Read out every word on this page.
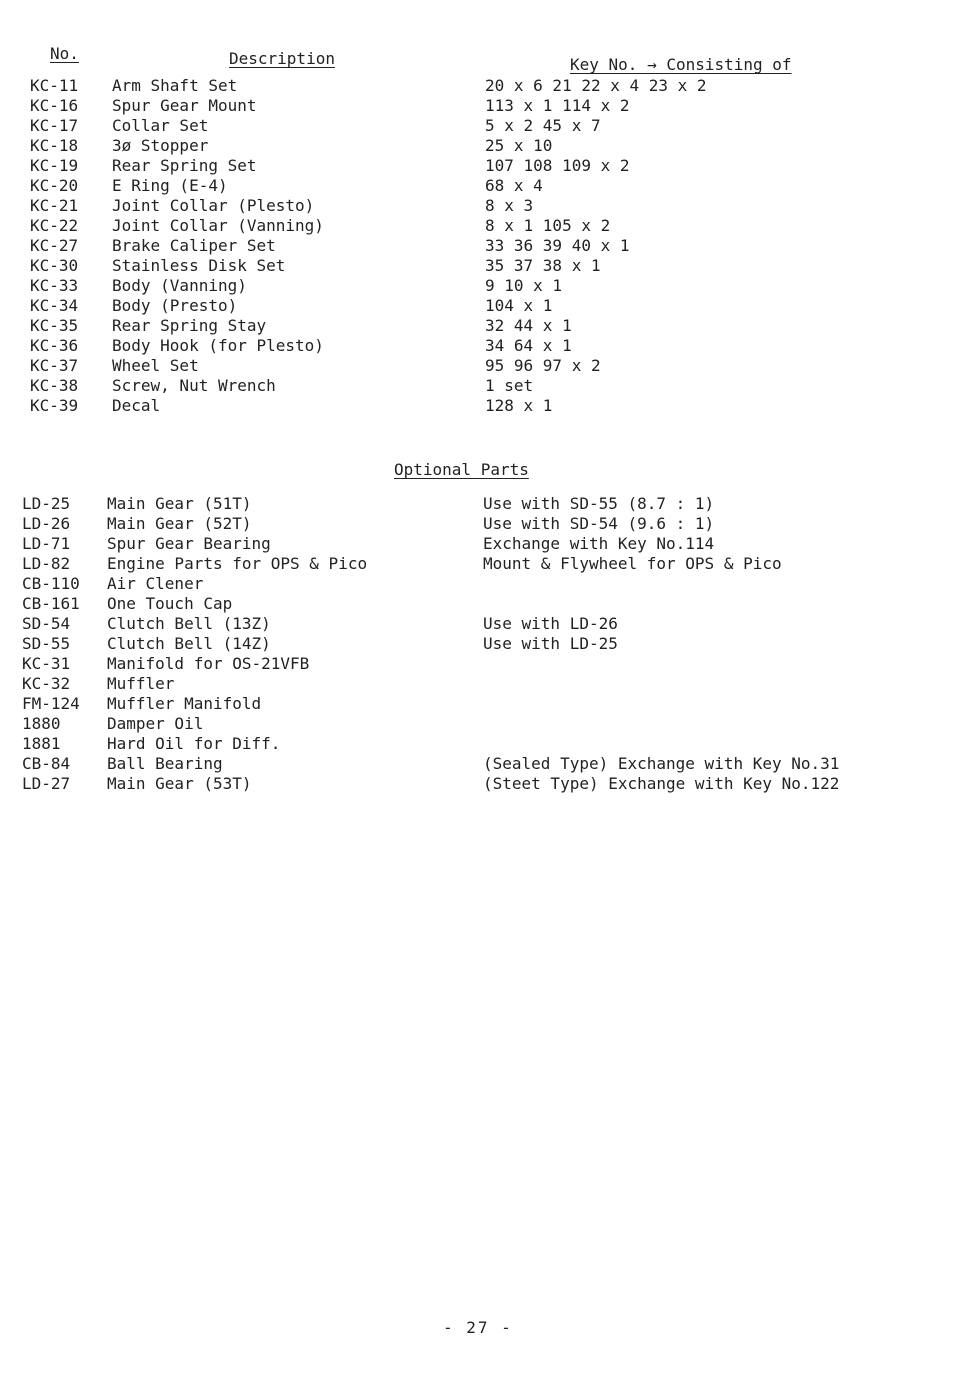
No.	Description	Key No. → Consisting of
KC-11 Arm Shaft Set	20 x 6 21 22 x 4 23 x 2
KC-16 Spur Gear Mount	113 x 1 114 x 2
KC-17 Collar Set	5 x 2 45 x 7
KC-18 3ø Stopper	25 x 10
KC-19 Rear Spring Set	107 108 109 x 2
KC-20 E Ring (E-4)	68 x 4
KC-21 Joint Collar (Plesto)	8 x 3
KC-22 Joint Collar (Vanning)	8 x 1 105 x 2
KC-27 Brake Caliper Set	33 36 39 40 x 1
KC-30 Stainless Disk Set	35 37 38 x 1
KC-33 Body (Vanning)	9 10 x 1
KC-34 Body (Presto)	104 x 1
KC-35 Rear Spring Stay	32 44 x 1
KC-36 Body Hook (for Plesto)	34 64 x 1
KC-37 Wheel Set	95 96 97 x 2
KC-38 Screw, Nut Wrench	1 set
KC-39 Decal	128 x 1
Optional Parts
LD-25 Main Gear (51T)	Use with SD-55 (8.7 : 1)
LD-26 Main Gear (52T)	Use with SD-54 (9.6 : 1)
LD-71 Spur Gear Bearing	Exchange with Key No.114
LD-82 Engine Parts for OPS & Pico	Mount & Flywheel for OPS & Pico
CB-110 Air Clener
CB-161 One Touch Cap
SD-54 Clutch Bell (13Z)	Use with LD-26
SD-55 Clutch Bell (14Z)	Use with LD-25
KC-31 Manifold for OS-21VFB
KC-32 Muffler
FM-124 Muffler Manifold
1880	Damper Oil
1881	Hard Oil for Diff.
CB-84 Ball Bearing	(Sealed Type) Exchange with Key No.31
LD-27 Main Gear (53T)	(Steet Type) Exchange with Key No.122
- 27 -
